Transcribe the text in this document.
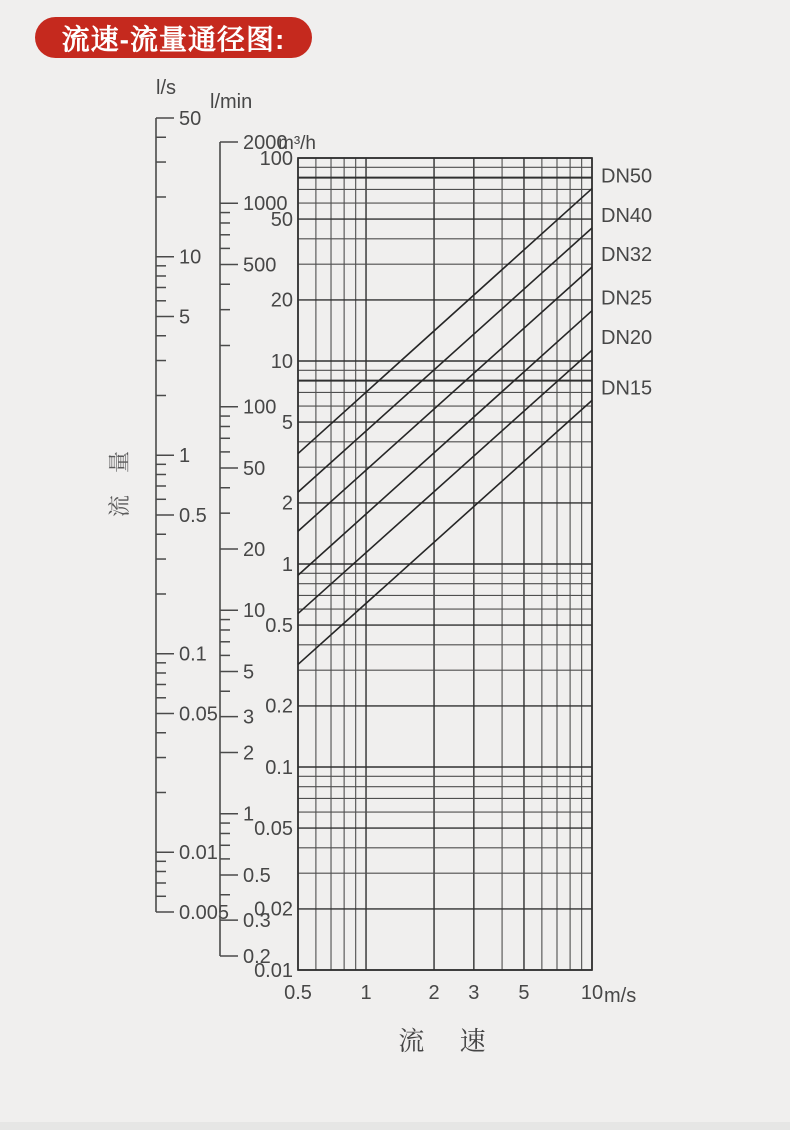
流速-流量通径图:
50
10
5
1
0.5
0.1
0.05
0.01
0.005
2000
1000
500
100
50
20
10
5
3
2
1
0.5
0.3
0.2
100
50
20
10
5
2
1
0.5
0.2
0.1
0.05
0.02
0.01
0.5 1	2 3 5	10
DN50
DN40
DN32
DN25
DN20
DN15
l/s
l/min
m³/h
m/s
流 量
流 速
